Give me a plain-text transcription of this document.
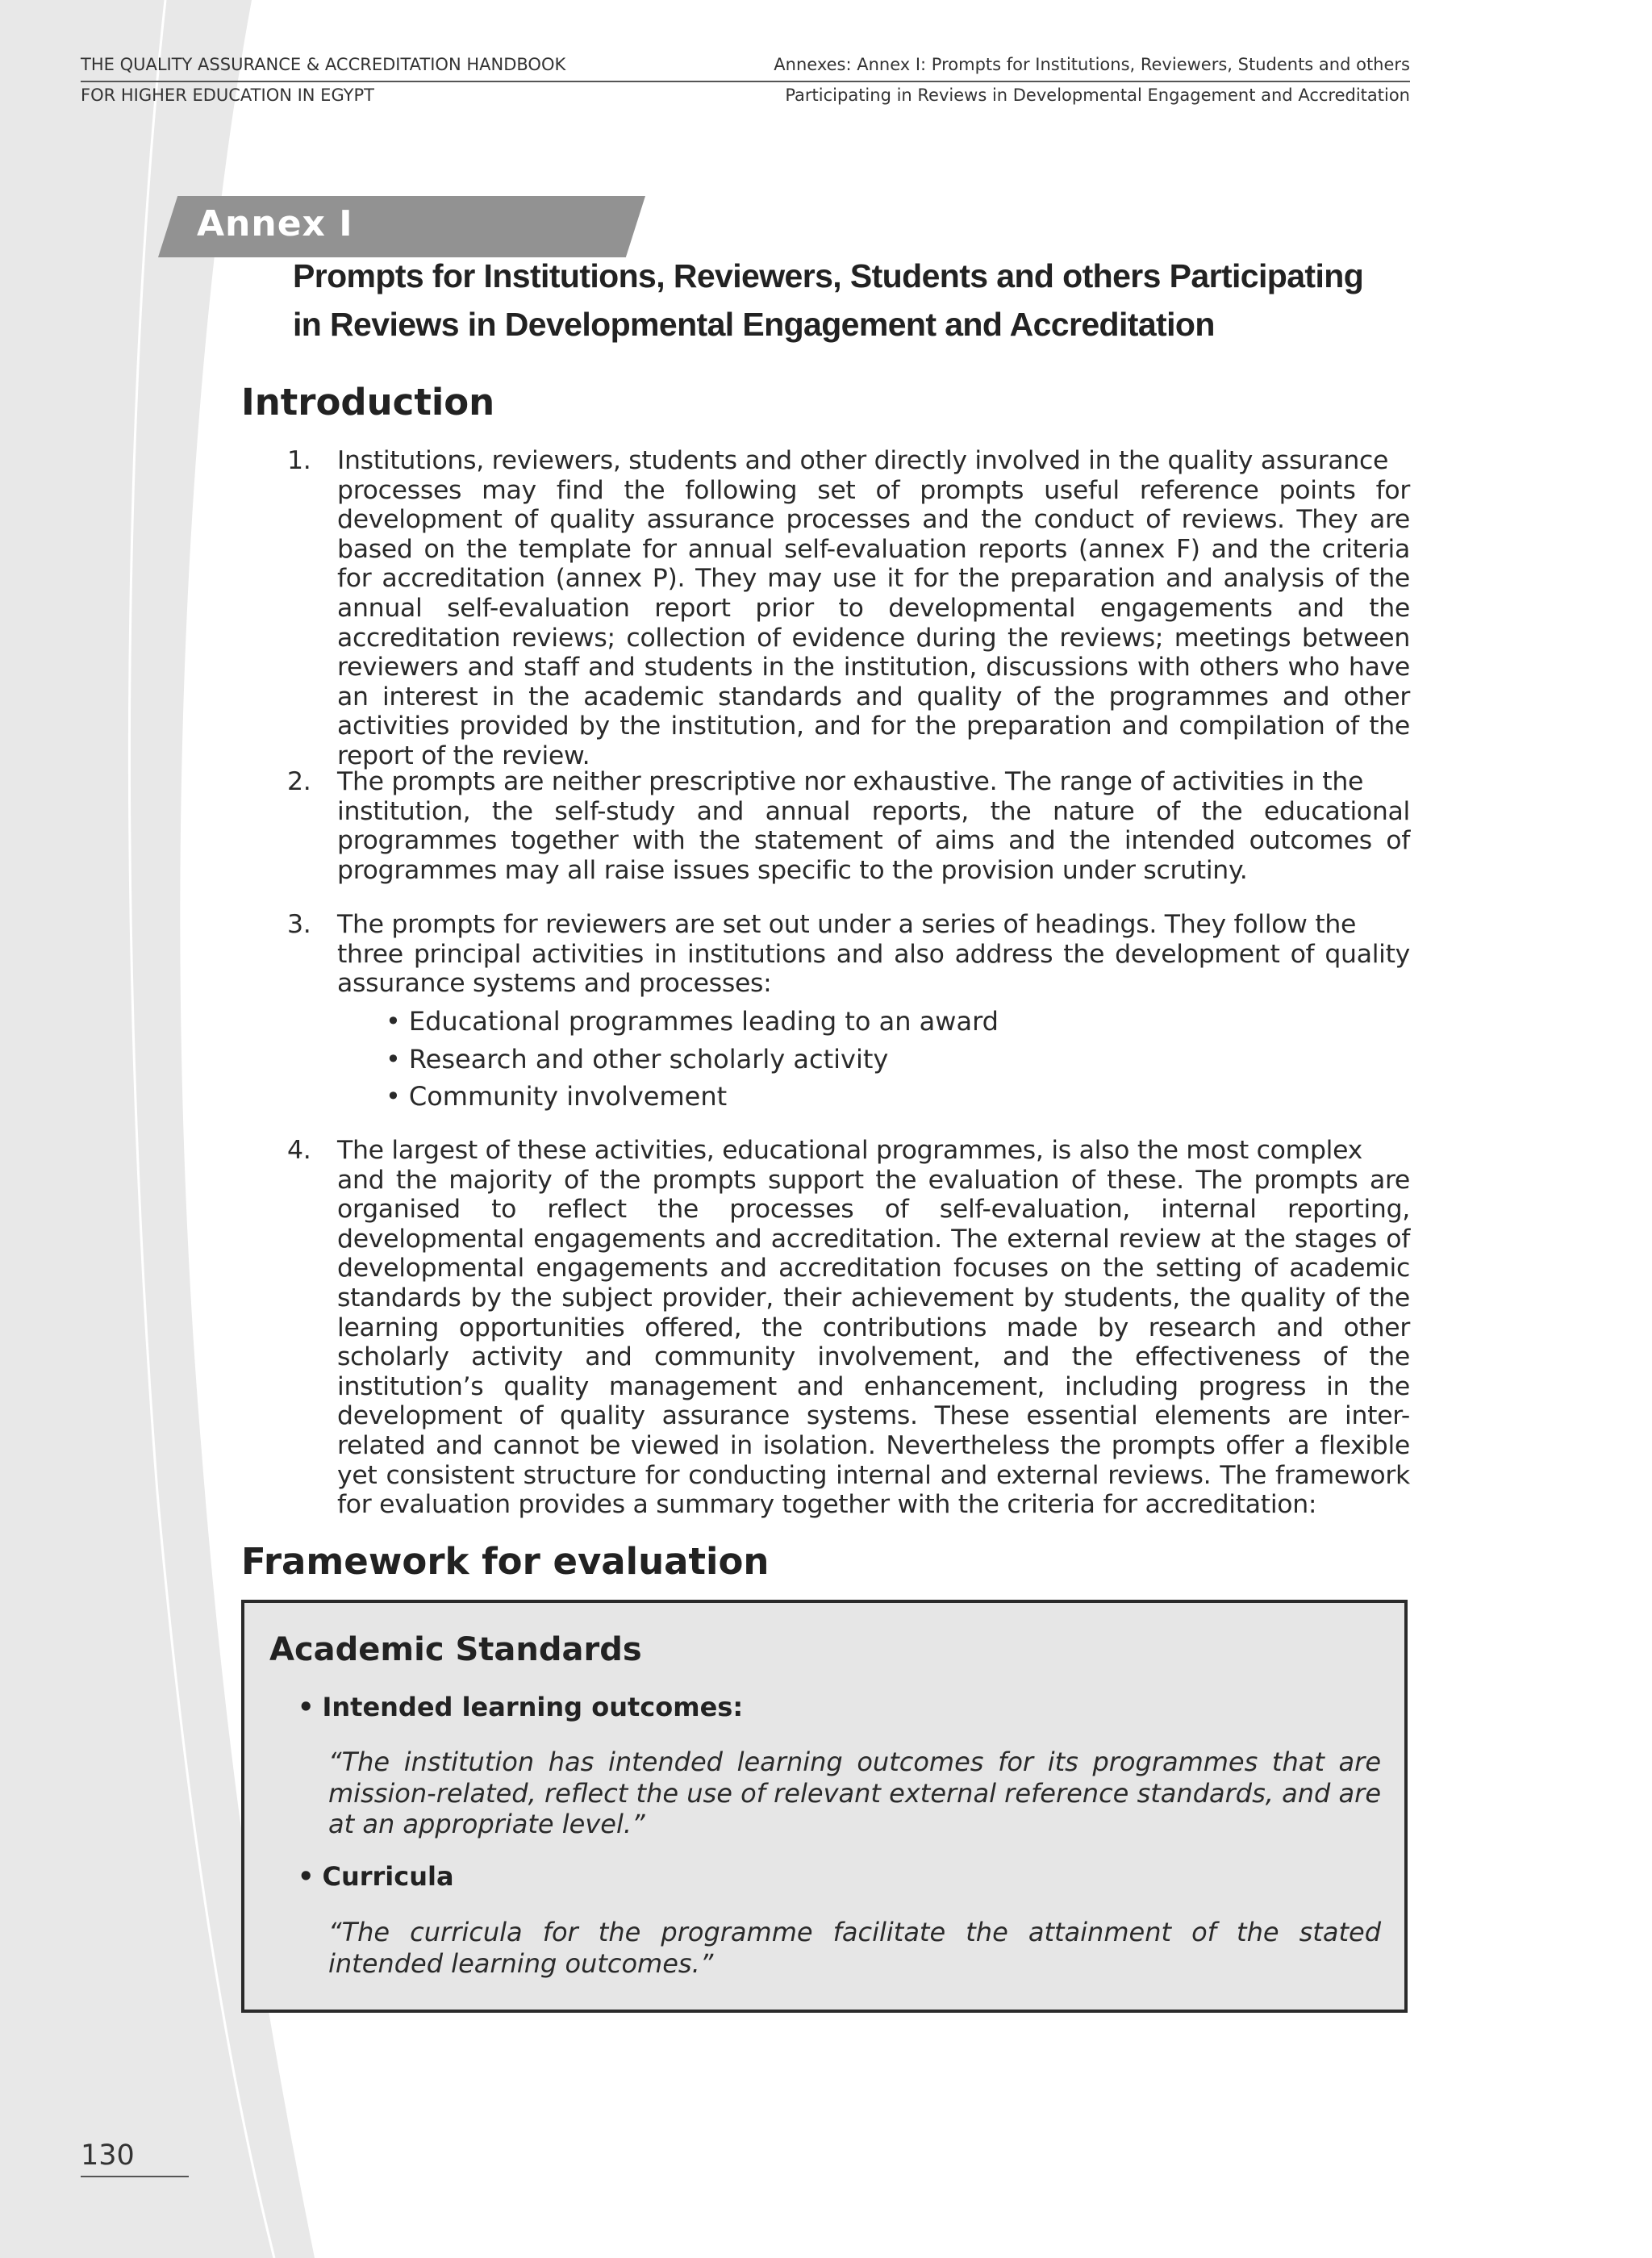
THE QUALITY ASSURANCE & ACCREDITATION HANDBOOK	Annexes: Annex I: Prompts for Institutions, Reviewers, Students and others
FOR HIGHER EDUCATION IN EGYPT	Participating in Reviews in Developmental Engagement and Accreditation
Annex I
Prompts for Institutions, Reviewers, Students and others Participating
in Reviews in Developmental Engagement and Accreditation
Introduction
1. Institutions, reviewers, students and other directly involved in the quality assurance
processes may find the following set of prompts useful reference points for development of quality assurance processes and the conduct of reviews. They are based on the template for annual self-evaluation reports (annex F) and the criteria for accreditation (annex P). They may use it for the preparation and analysis of the annual self-evaluation report prior to developmental engagements and the accreditation reviews; collection of evidence during the reviews; meetings between reviewers and staff and students in the institution, discussions with others who have an interest in the academic standards and quality of the programmes and other activities provided by the institution, and for the preparation and compilation of the report of the review.
2. The prompts are neither prescriptive nor exhaustive. The range of activities in the
institution, the self-study and annual reports, the nature of the educational programmes together with the statement of aims and the intended outcomes of programmes may all raise issues specific to the provision under scrutiny.
3. The prompts for reviewers are set out under a series of headings. They follow the
three principal activities in institutions and also address the development of quality assurance systems and processes:
• Educational programmes leading to an award
• Research and other scholarly activity
• Community involvement
4. The largest of these activities, educational programmes, is also the most complex
and the majority of the prompts support the evaluation of these. The prompts are organised to reflect the processes of self-evaluation, internal reporting, developmental engagements and accreditation. The external review at the stages of developmental engagements and accreditation focuses on the setting of academic standards by the subject provider, their achievement by students, the quality of the learning opportunities offered, the contributions made by research and other scholarly activity and community involvement, and the effectiveness of the institution’s quality management and enhancement, including progress in the development of quality assurance systems. These essential elements are inter-related and cannot be viewed in isolation. Nevertheless the prompts offer a flexible yet consistent structure for conducting internal and external reviews. The framework for evaluation provides a summary together with the criteria for accreditation:
Framework for evaluation
Academic Standards
• Intended learning outcomes:
“The institution has intended learning outcomes for its programmes that are mission-related, reflect the use of relevant external reference standards, and are at an appropriate level.”
• Curricula
“The curricula for the programme facilitate the attainment of the stated intended learning outcomes.”
130
